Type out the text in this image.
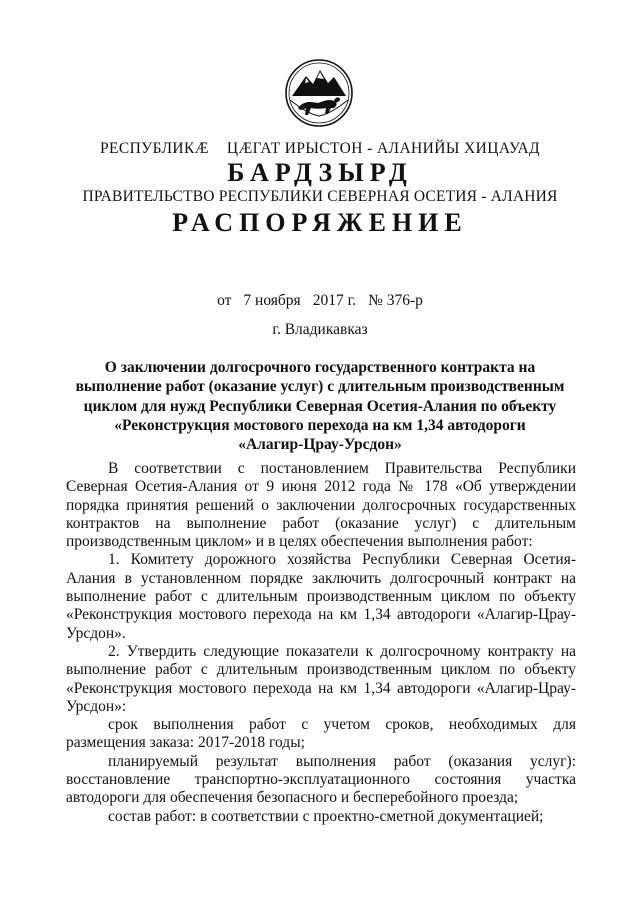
РЕСПУБЛИКӔ ЦӔГАТ ИРЫСТОН - АЛАНИЙЫ ХИЦАУАД
БАРДЗЫРД
ПРАВИТЕЛЬСТВО РЕСПУБЛИКИ СЕВЕРНАЯ ОСЕТИЯ - АЛАНИЯ
РАСПОРЯЖЕНИЕ
от 7 ноября 2017 г. № 376-р
г. Владикавказ
О заключении долгосрочного государственного контракта на
выполнение работ (оказание услуг) с длительным производственным
циклом для нужд Республики Северная Осетия-Алания по объекту
«Реконструкция мостового перехода на км 1,34 автодороги
«Алагир-Црау-Урсдон»
В соответствии с постановлением Правительства Республики Северная Осетия-Алания от 9 июня 2012 года № 178 «Об утверждении порядка принятия решений о заключении долгосрочных государственных контрактов на выполнение работ (оказание услуг) с длительным производственным циклом» и в целях обеспечения выполнения работ:
1. Комитету дорожного хозяйства Республики Северная Осетия-Алания в установленном порядке заключить долгосрочный контракт на выполнение работ с длительным производственным циклом по объекту «Реконструкция мостового перехода на км 1,34 автодороги «Алагир-Црау-Урсдон».
2. Утвердить следующие показатели к долгосрочному контракту на выполнение работ с длительным производственным циклом по объекту «Реконструкция мостового перехода на км 1,34 автодороги «Алагир-Црау-Урсдон»:
срок выполнения работ с учетом сроков, необходимых для размещения заказа: 2017-2018 годы;
планируемый результат выполнения работ (оказания услуг): восстановление транспортно-эксплуатационного состояния участка автодороги для обеспечения безопасного и бесперебойного проезда;
состав работ: в соответствии с проектно-сметной документацией;
